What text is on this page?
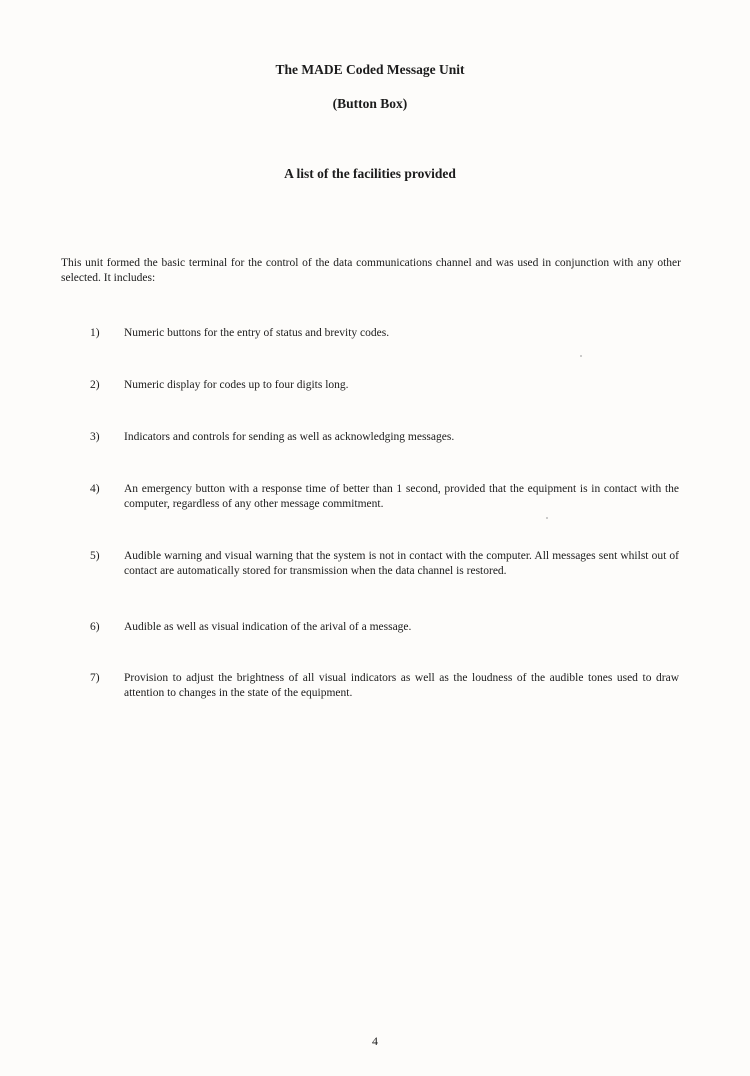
The MADE Coded Message Unit
(Button Box)
A list of the facilities provided

This unit formed the basic terminal for the control of the data communications channel and was used in conjunction with any other selected. It includes:

1) Numeric buttons for the entry of status and brevity codes.
2) Numeric display for codes up to four digits long.
3) Indicators and controls for sending as well as acknowledging messages.
4) An emergency button with a response time of better than 1 second, provided that the equipment is in contact with the computer, regardless of any other message commitment.
5) Audible warning and visual warning that the system is not in contact with the computer. All messages sent whilst out of contact are automatically stored for transmission when the data channel is restored.
6) Audible as well as visual indication of the arival of a message.
7) Provision to adjust the brightness of all visual indicators as well as the loudness of the audible tones used to draw attention to changes in the state of the equipment.
4
